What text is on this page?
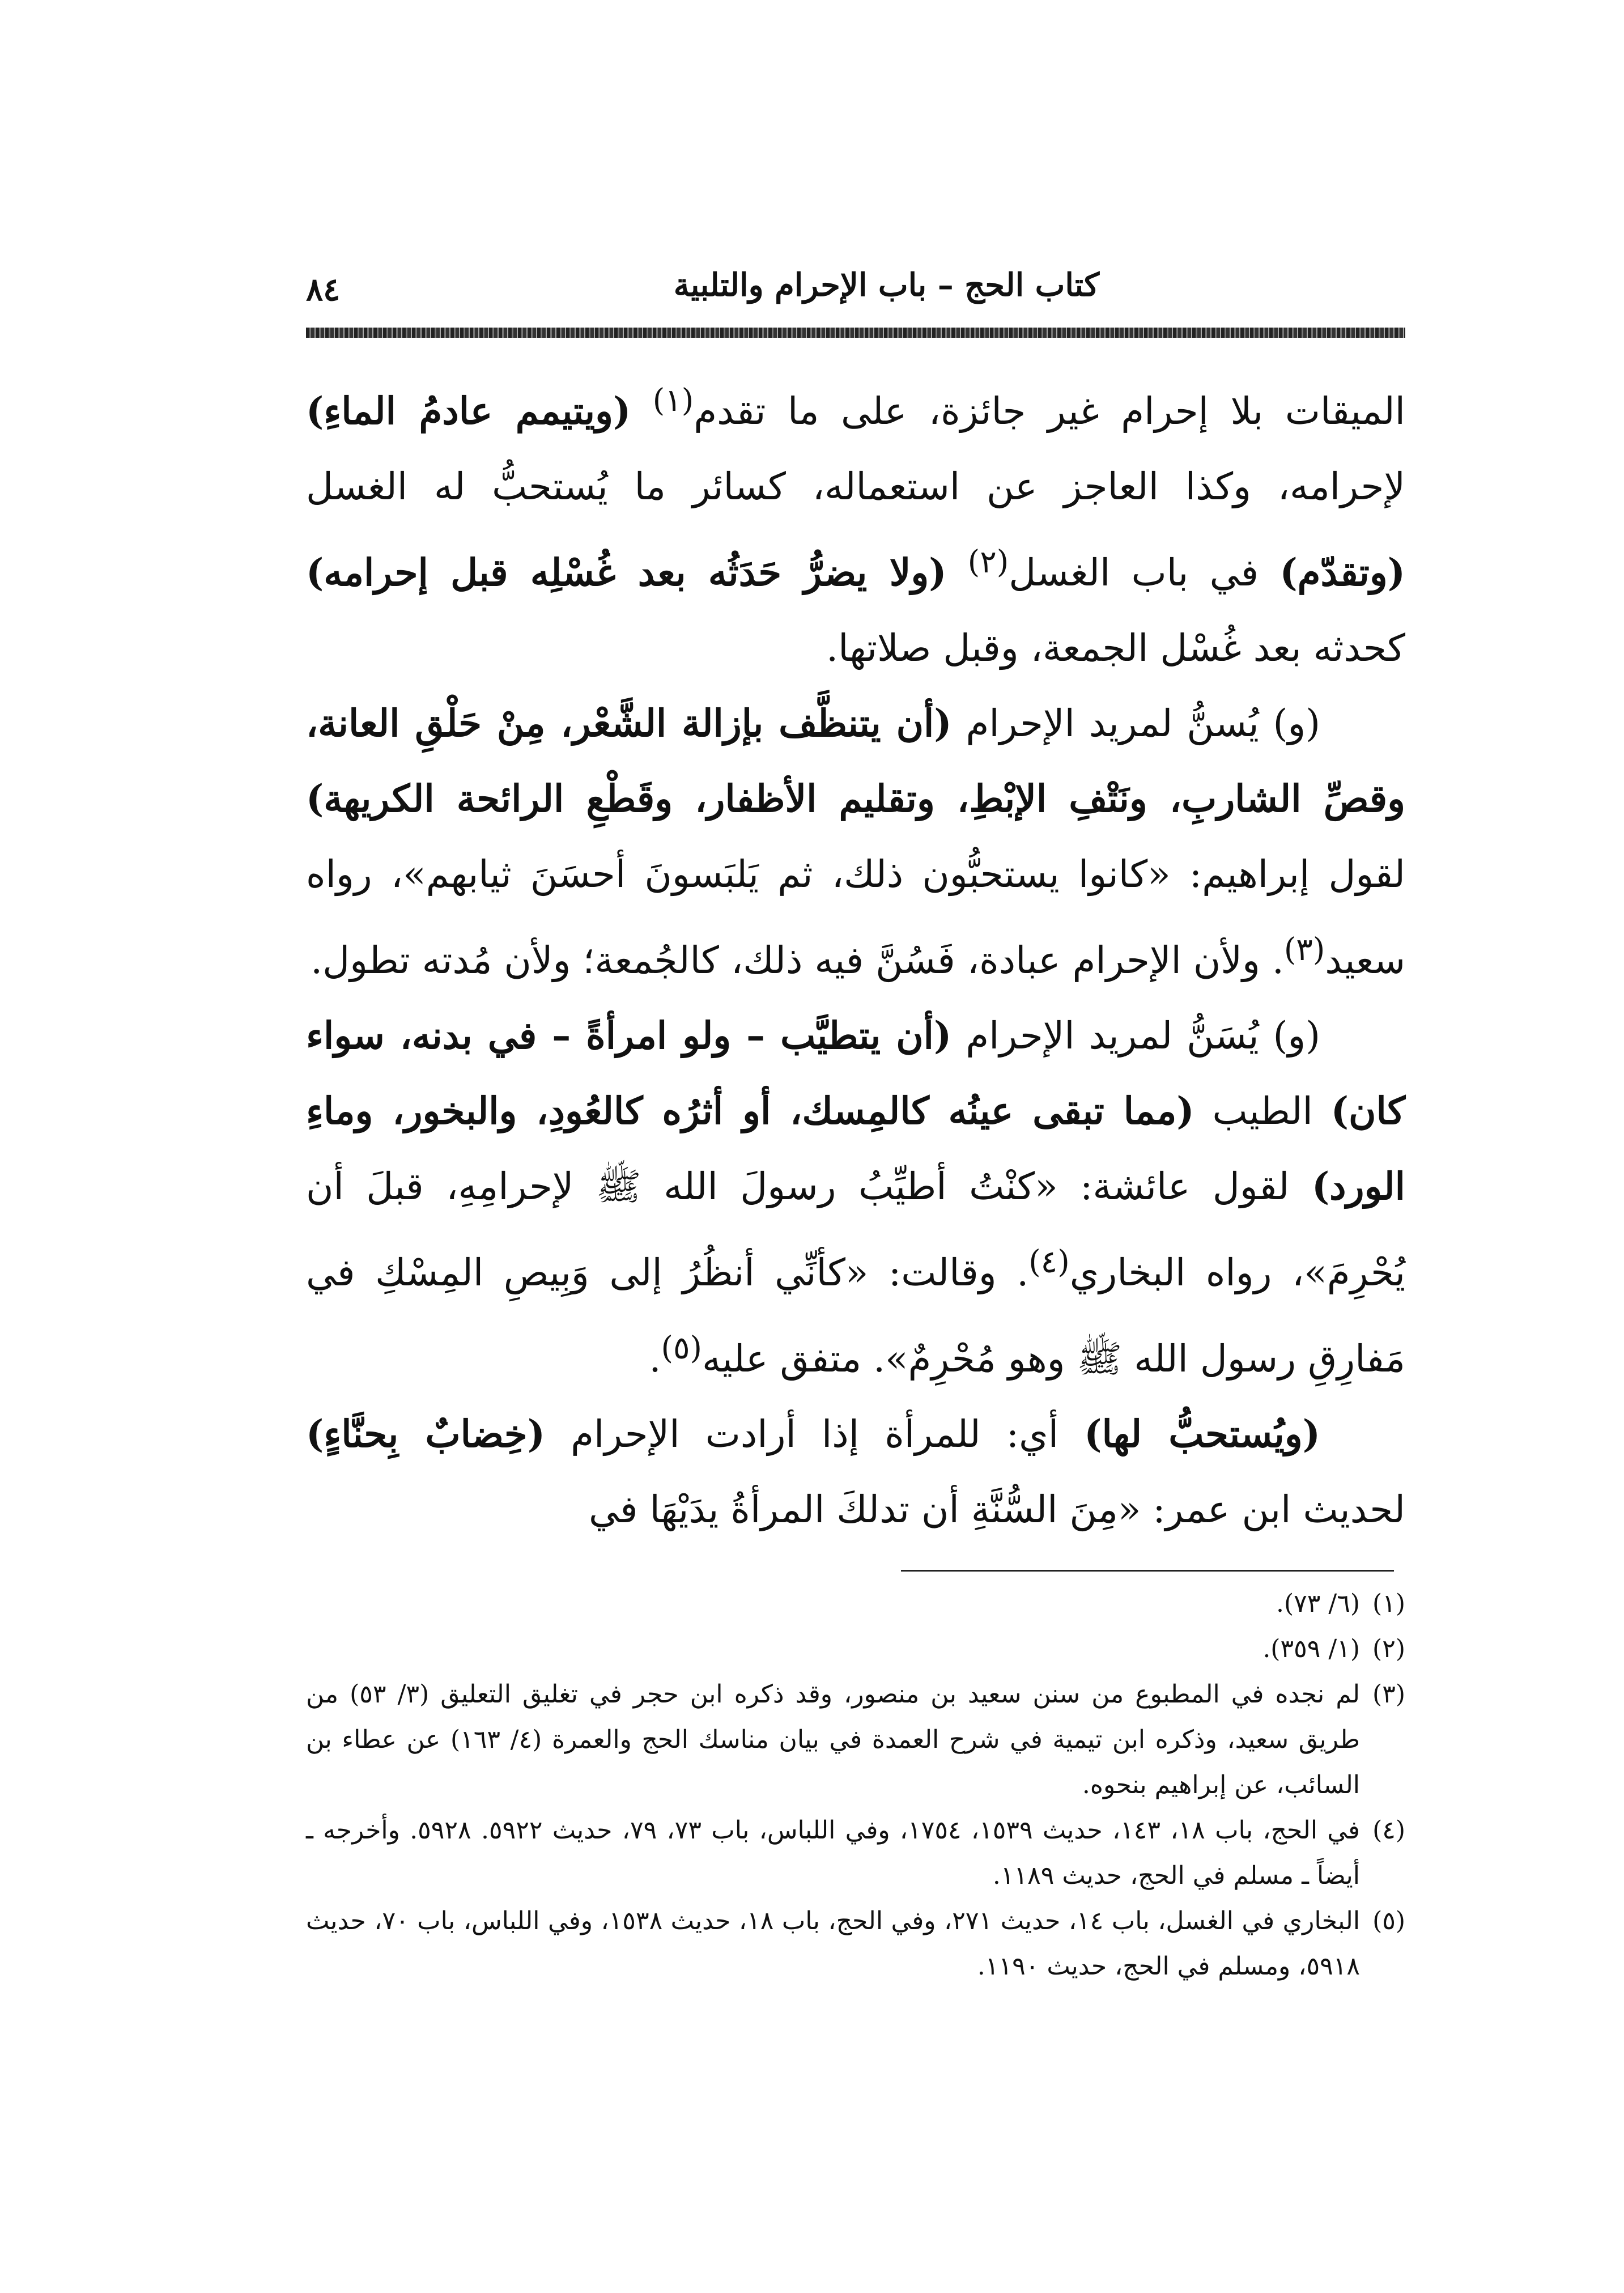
كتاب الحج – باب الإحرام والتلبية
٨٤

الميقات بلا إحرام غير جائزة، على ما تقدم$^{(١)}$ (ويتيمم عادمُ الماءِ) لإحرامه، وكذا العاجز عن استعماله، كسائر ما يُستحبُّ له الغسل (وتقدّم) في باب الغسل$^{(٢)}$ (ولا يضرُّ حَدَثُه بعد غُسْلِه قبل إحرامه) كحدثه بعد غُسْل الجمعة، وقبل صلاتها.

(و) يُسنُّ لمريد الإحرام (أن يتنظَّف بإزالة الشَّعْر، مِنْ حَلْقِ العانة، وقصِّ الشاربِ، ونَتْفِ الإبْطِ، وتقليم الأظفار، وقَطْعِ الرائحة الكريهة) لقول إبراهيم: «كانوا يستحبُّون ذلك، ثم يَلبَسونَ أحسَنَ ثيابهم»، رواه سعيد$^{(٣)}$. ولأن الإحرام عبادة، فَسُنَّ فيه ذلك، كالجُمعة؛ ولأن مُدته تطول.

(و) يُسَنُّ لمريد الإحرام (أن يتطيَّب – ولو امرأةً – في بدنه، سواء كان) الطيب (مما تبقى عينُه كالمِسك، أو أثرُه كالعُودِ، والبخور، وماءِ الورد) لقول عائشة: «كنْتُ أطيِّبُ رسولَ الله ﷺ لإحرامِهِ، قبلَ أن يُحْرِمَ»، رواه البخاري$^{(٤)}$. وقالت: «كأنِّي أنظُرُ إلى وَبِيصِ المِسْكِ في مَفارِقِ رسول الله ﷺ وهو مُحْرِمٌ». متفق عليه$^{(٥)}$.

(ويُستحبُّ لها) أي: للمرأة إذا أرادت الإحرام (خِضابٌ بِحنَّاءٍ) لحديث ابن عمر: «مِنَ السُّنَّةِ أن تدلكَ المرأةُ يدَيْهَا في

(١)(٦/ ٧٣).

(٢)(١/ ٣٥٩).

(٣)لم نجده في المطبوع من سنن سعيد بن منصور، وقد ذكره ابن حجر في تغليق التعليق (٣/ ٥٣) من طريق سعيد، وذكره ابن تيمية في شرح العمدة في بيان مناسك الحج والعمرة (٤/ ١٦٣) عن عطاء بن السائب، عن إبراهيم بنحوه.

(٤)في الحج، باب ١٨، ١٤٣، حديث ١٥٣٩، ١٧٥٤، وفي اللباس، باب ٧٣، ٧٩، حديث ٥٩٢٢. ٥٩٢٨. وأخرجه ـ أيضاً ـ مسلم في الحج، حديث ١١٨٩.

(٥)البخاري في الغسل، باب ١٤، حديث ٢٧١، وفي الحج، باب ١٨، حديث ١٥٣٨، وفي اللباس، باب ٧٠، حديث ٥٩١٨، ومسلم في الحج، حديث ١١٩٠.
